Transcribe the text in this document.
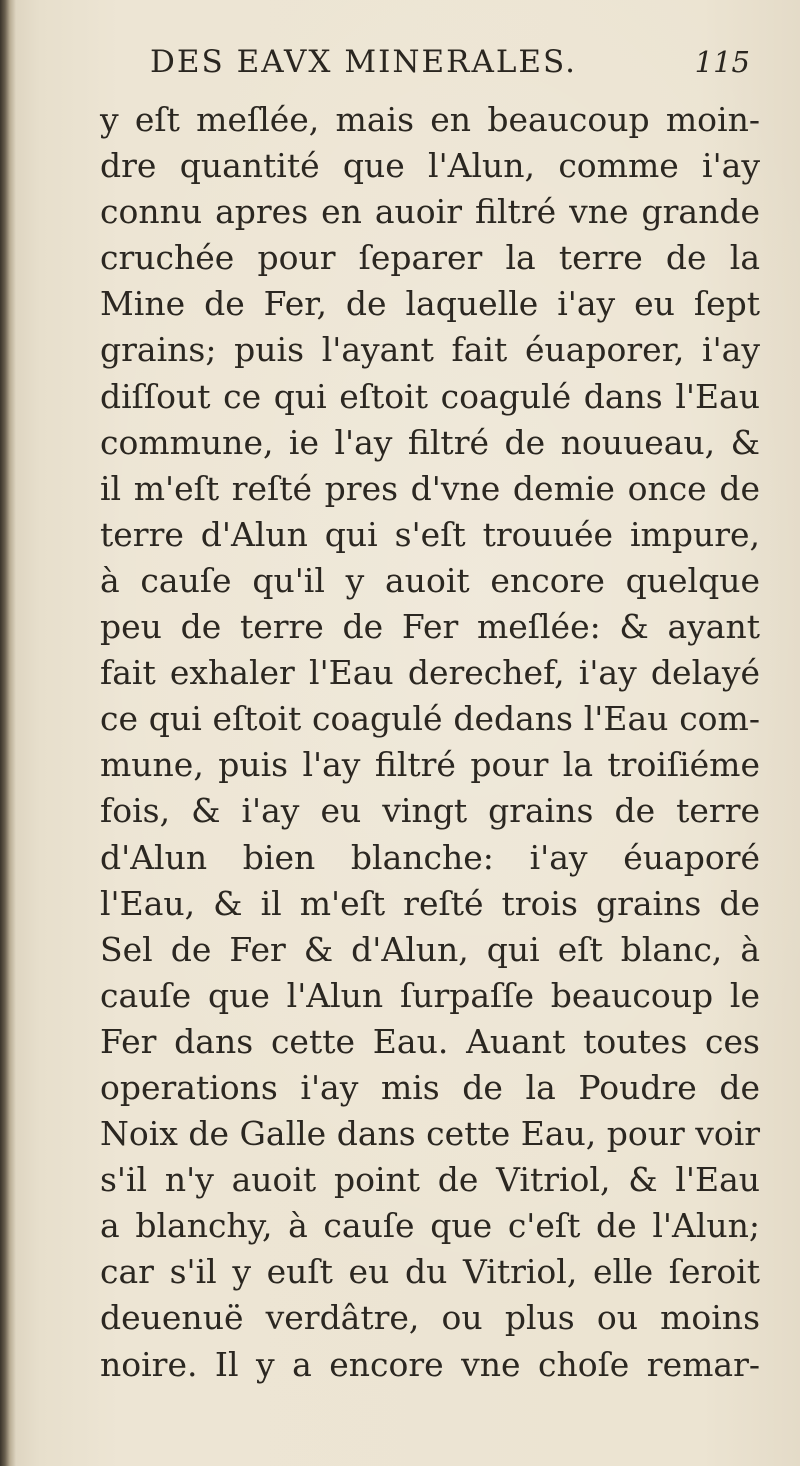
DES EAVX MINERALES.	115
y eſt meſlée, mais en beaucoup moin-
dre quantité que l'Alun, comme i'ay
connu apres en auoir filtré vne grande
cruchée pour ſeparer la terre de la
Mine de Fer, de laquelle i'ay eu ſept
grains; puis l'ayant fait éuaporer, i'ay
diſſout ce qui eſtoit coagulé dans l'Eau
commune, ie l'ay filtré de nouueau, &
il m'eſt reſté pres d'vne demie once de
terre d'Alun qui s'eſt trouuée impure,
à cauſe qu'il y auoit encore quelque
peu de terre de Fer meſlée: & ayant
fait exhaler l'Eau derechef, i'ay delayé
ce qui eſtoit coagulé dedans l'Eau com-
mune, puis l'ay filtré pour la troiſiéme
fois, & i'ay eu vingt grains de terre
d'Alun bien blanche: i'ay éuaporé
l'Eau, & il m'eſt reſté trois grains de
Sel de Fer & d'Alun, qui eſt blanc, à
cauſe que l'Alun ſurpaſſe beaucoup le
Fer dans cette Eau. Auant toutes ces
operations i'ay mis de la Poudre de
Noix de Galle dans cette Eau, pour voir
s'il n'y auoit point de Vitriol, & l'Eau
a blanchy, à cauſe que c'eſt de l'Alun;
car s'il y euſt eu du Vitriol, elle ſeroit
deuenuë verdâtre, ou plus ou moins
noire. Il y a encore vne choſe remar-
